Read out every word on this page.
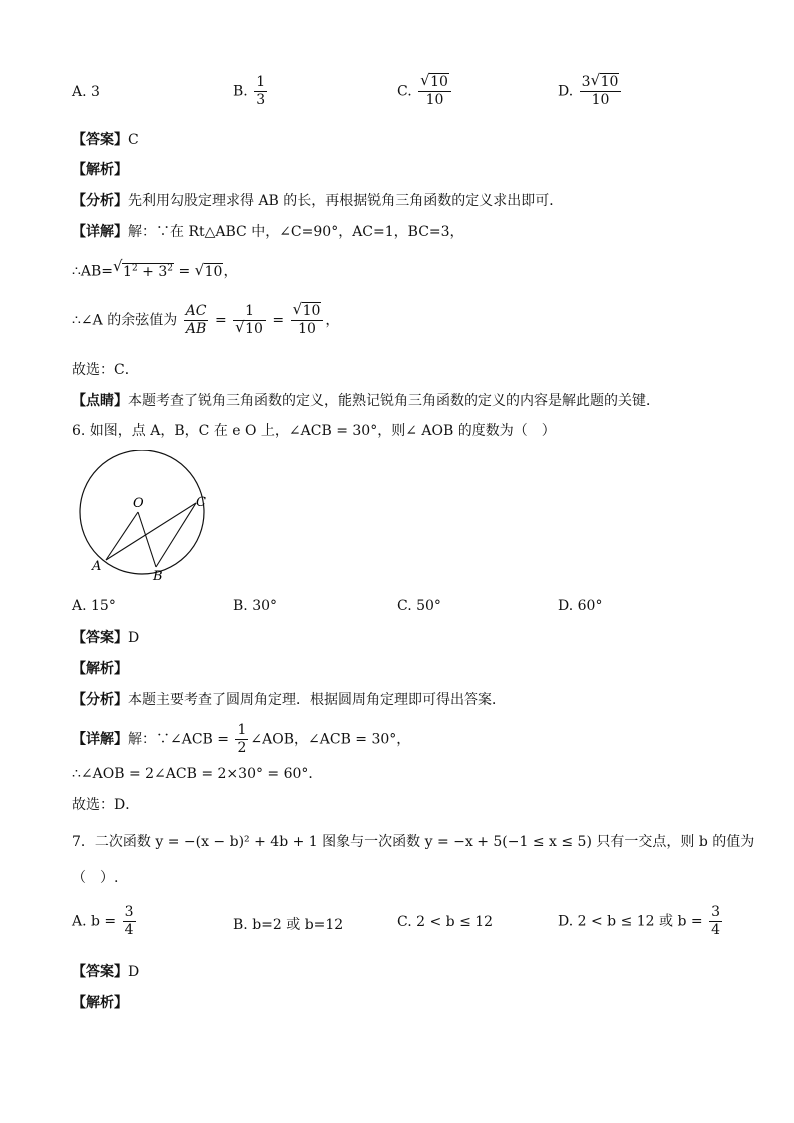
A. 3	B. $\frac{1}{3}$	C. √ $\frac{10}{10}$	D. $\frac{3 √ 10}{10}$
【答案】C
【解析】
【分析】先利用勾股定理求得 AB 的长，再根据锐角三角函数的定义求出即可．
【详解】解：∵在 Rt△ABC 中，∠C=90°，AC=1，BC=3，
∴AB= √ $1^2 + 3^2$ = √ 10，
∴∠A 的余弦值为 $\frac{AC}{AB} = 1$
√ 10 = √ $\frac{10}{10}$ ，
故选：C．
【点睛】本题考查了锐角三角函数的定义，能熟记锐角三角函数的定义的内容是解此题的关键．
6. 如图，点 A，B，C 在 e O 上，∠ACB = 30°，则∠ AOB 的度数为（　）
O
A
B
C
A. 15°	B. 30°	C. 50°	D. 60°
【答案】D
【解析】
【分析】本题主要考查了圆周角定理．根据圆周角定理即可得出答案．
【详解】解：∵∠ACB = $\frac{1}{2}$ ∠AOB，∠ACB = 30°，
∴∠AOB = 2∠ACB = 2×30° = 60°．
故选：D．
7．二次函数 y = −(x − b)² + 4b + 1 图象与一次函数 y = −x + 5(−1 ≤ x ≤ 5) 只有一交点，则 b 的值为
（　）.
A. $b = \frac{3}{4}$	B. b=2 或 b=12	C. 2 < b ≤ 12	D. 2 < b ≤ 12 或 $b = \frac{3}{4}$
【答案】D
【解析】
